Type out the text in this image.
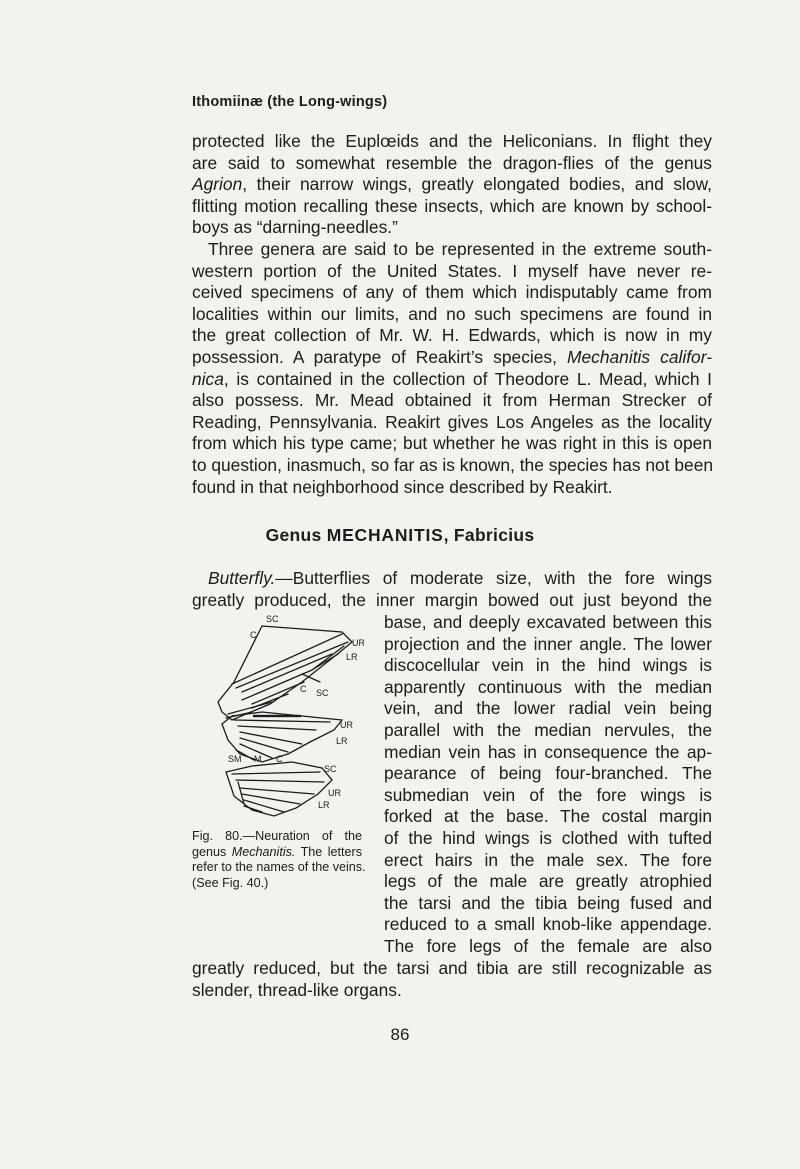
Ithomiinæ (the Long-wings)
protected like the Euplœids and the Heliconians. In flight they
are said to somewhat resemble the dragon-flies of the genus
Agrion, their narrow wings, greatly elongated bodies, and slow,
flitting motion recalling these insects, which are known by school-
boys as “darning-needles.”
Three genera are said to be represented in the extreme south-
western portion of the United States. I myself have never re-
ceived specimens of any of them which indisputably came from
localities within our limits, and no such specimens are found in
the great collection of Mr. W. H. Edwards, which is now in my
possession. A paratype of Reakirt’s species, Mechanitis califor-
nica, is contained in the collection of Theodore L. Mead, which I
also possess. Mr. Mead obtained it from Herman Strecker of
Reading, Pennsylvania. Reakirt gives Los Angeles as the locality
from which his type came; but whether he was right in this is open
to question, inasmuch, so far as is known, the species has not been
found in that neighborhood since described by Reakirt.
Genus MECHANITIS, Fabricius
Butterfly.—Butterflies of moderate size, with the fore wings
greatly produced, the inner margin bowed out just beyond the
SC
C
UR
LR
C SC
UR
LR
SM M C
SC
UR
LR
base, and deeply excavated between this
projection and the inner angle. The lower
discocellular vein in the hind wings is
apparently continuous with the median
vein, and the lower radial vein being
parallel with the median nervules, the
median vein has in consequence the ap-
pearance of being four-branched. The
submedian vein of the fore wings is
forked at the base. The costal margin
of the hind wings is clothed with tufted
erect hairs in the male sex. The fore
legs of the male are greatly atrophied
the tarsi and the tibia being fused and
reduced to a small knob-like appendage.
The fore legs of the female are also
Fig. 80.—Neuration of the
genus Mechanitis. The letters
refer to the names of the veins.
(See Fig. 40.)
greatly reduced, but the tarsi and tibia are still recognizable as
slender, thread-like organs.
86
